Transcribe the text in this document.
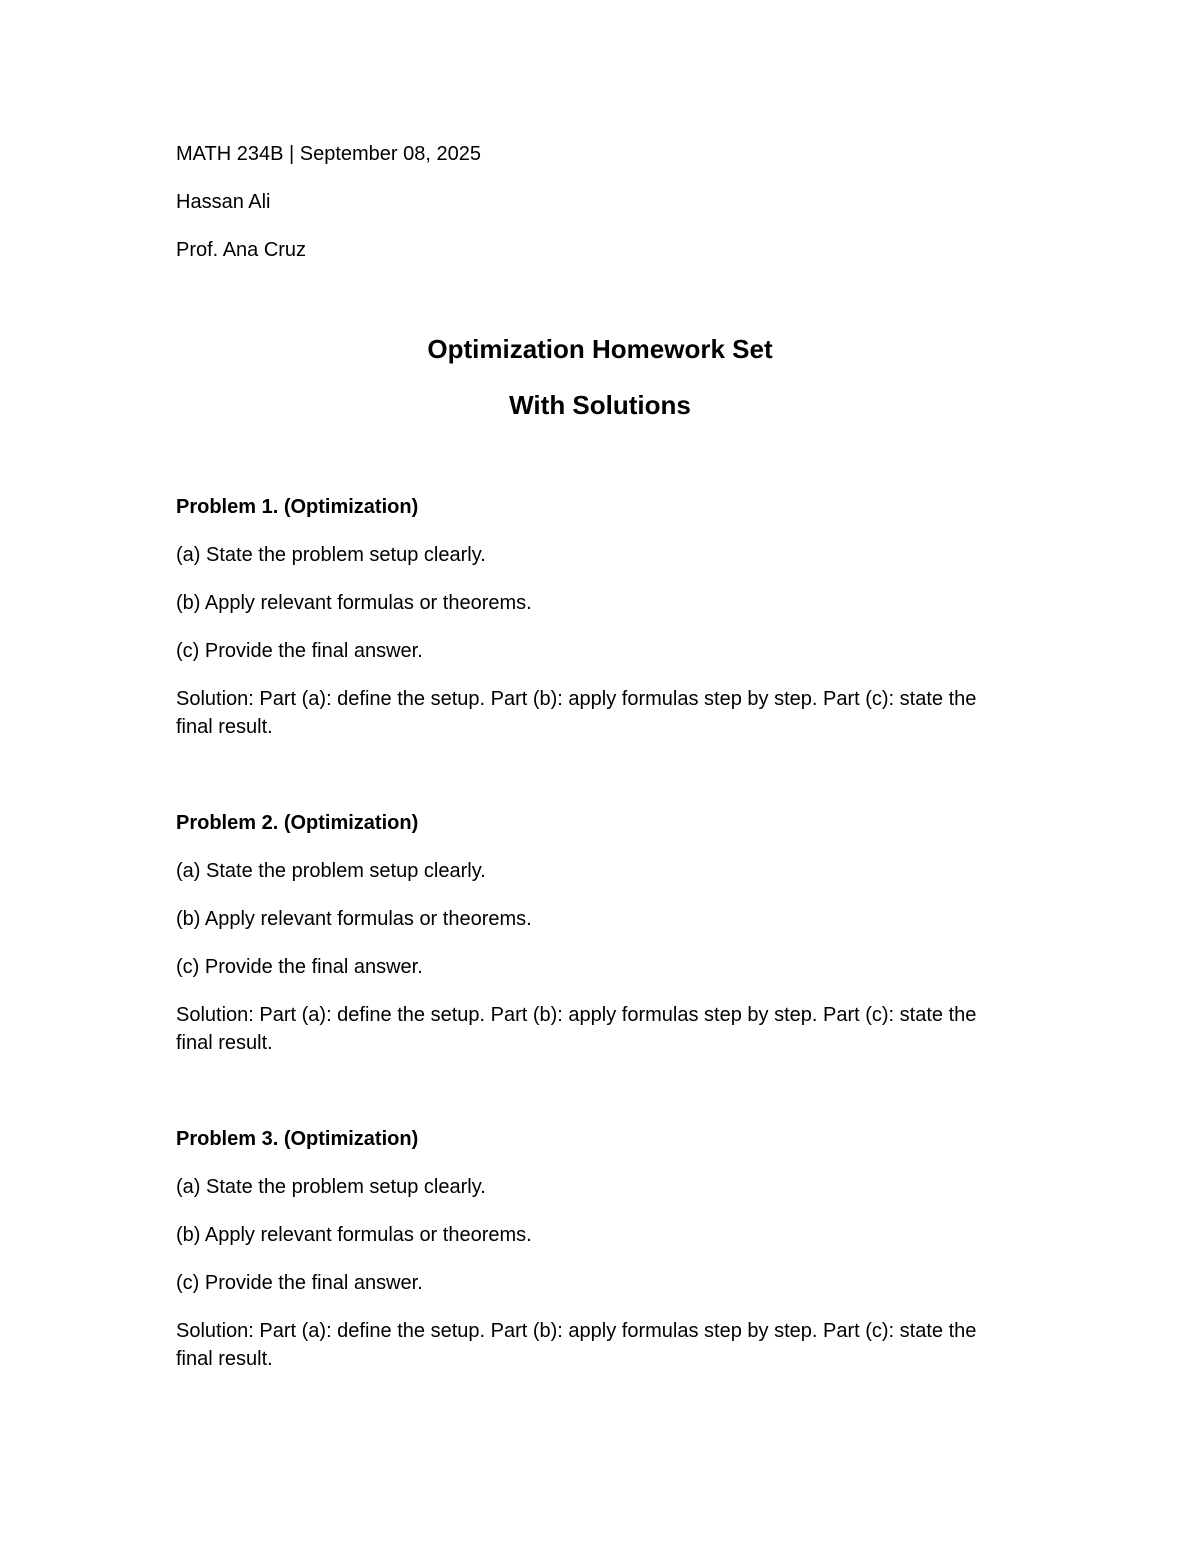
MATH 234B | September 08, 2025
Hassan Ali
Prof. Ana Cruz
Optimization Homework Set
With Solutions
Problem 1. (Optimization)
(a) State the problem setup clearly.
(b) Apply relevant formulas or theorems.
(c) Provide the final answer.
Solution: Part (a): define the setup. Part (b): apply formulas step by step. Part (c): state the final result.
Problem 2. (Optimization)
(a) State the problem setup clearly.
(b) Apply relevant formulas or theorems.
(c) Provide the final answer.
Solution: Part (a): define the setup. Part (b): apply formulas step by step. Part (c): state the final result.
Problem 3. (Optimization)
(a) State the problem setup clearly.
(b) Apply relevant formulas or theorems.
(c) Provide the final answer.
Solution: Part (a): define the setup. Part (b): apply formulas step by step. Part (c): state the final result.
